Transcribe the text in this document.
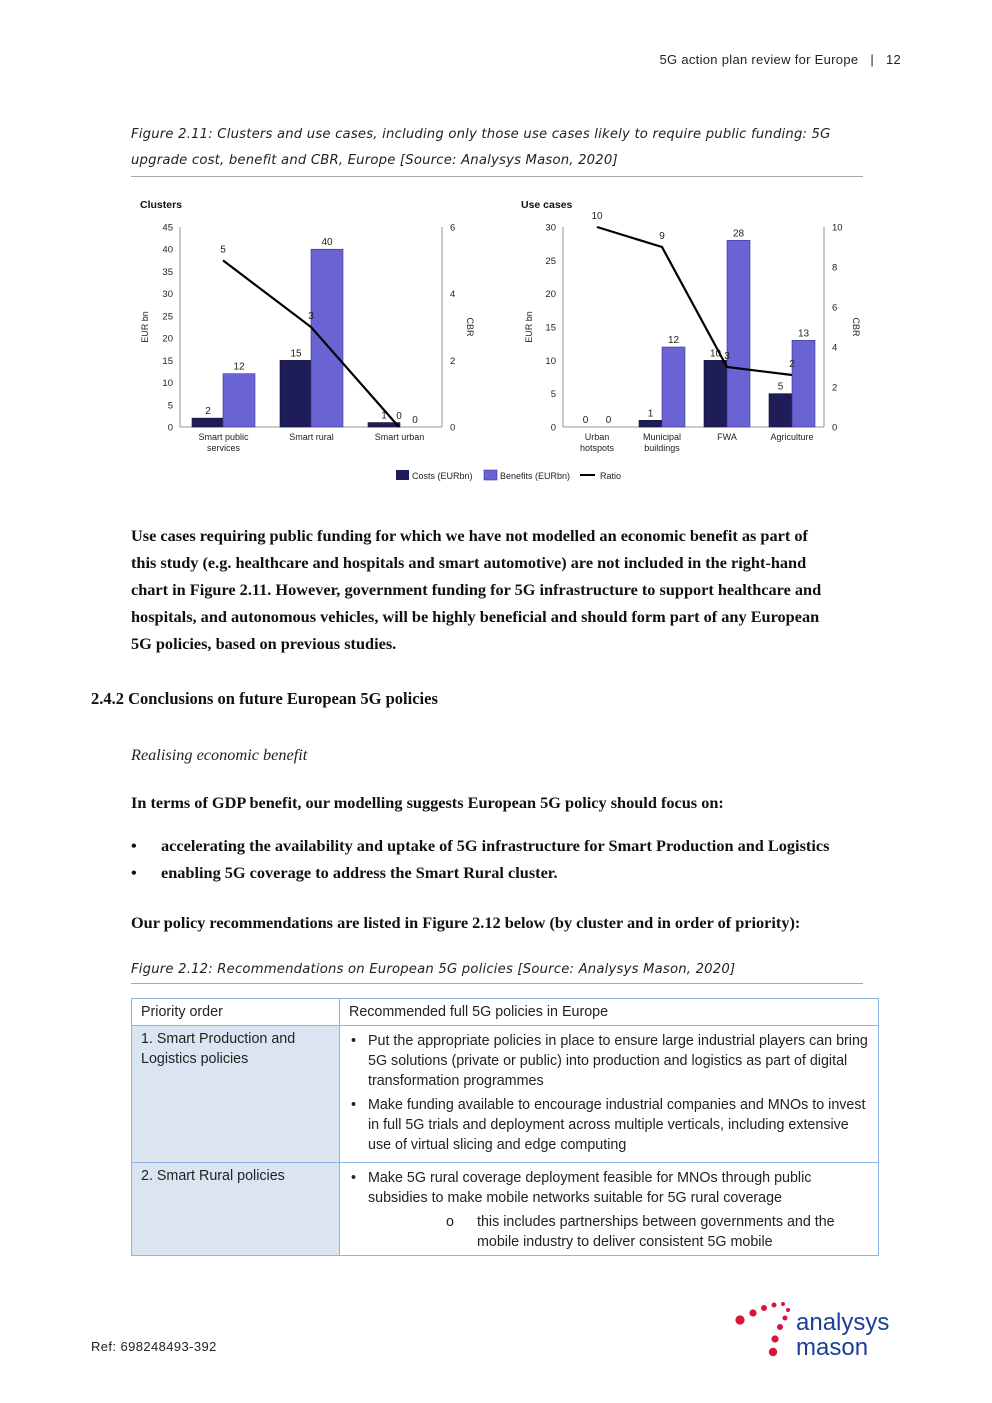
5G action plan review for Europe | 12
Figure 2.11: Clusters and use cases, including only those use cases likely to require public funding: 5G
upgrade cost, benefit and CBR, Europe [Source: Analysys Mason, 2020]
Clusters
EUR bn	CBR
0
5
10
15
20
25
30
35
40
45
0
2
4
6
2
12
15
40
1	0
Smart public
services
Smart rural	Smart urban
5
3
0
Use cases
EUR bn	CBR
0
5
10
15
20
25
30
0
2
4
6
8
10
0 0
1
12
10
28
5
13
Urban
hotspots
Municipal
buildings
FWA	Agriculture
10
9
3
2
Costs (EURbn)	Benefits (EURbn)	Ratio
Use cases requiring public funding for which we have not modelled an economic benefit as part of
this study (e.g. healthcare and hospitals and smart automotive) are not included in the right-hand
chart in Figure 2.11. However, government funding for 5G infrastructure to support healthcare and
hospitals, and autonomous vehicles, will be highly beneficial and should form part of any European
5G policies, based on previous studies.
2.4.2 Conclusions on future European 5G policies
Realising economic benefit
In terms of GDP benefit, our modelling suggests European 5G policy should focus on:
• accelerating the availability and uptake of 5G infrastructure for Smart Production and Logistics
• enabling 5G coverage to address the Smart Rural cluster.
Our policy recommendations are listed in Figure 2.12 below (by cluster and in order of priority):
Figure 2.12: Recommendations on European 5G policies [Source: Analysys Mason, 2020]
Priority order	Recommended full 5G policies in Europe
1. Smart Production and Logistics policies	• Put the appropriate policies in place to ensure large industrial players can bring 5G solutions (private or public) into production and logistics as part of digital transformation programmes
• Make funding available to encourage industrial companies and MNOs to invest in full 5G trials and deployment across multiple verticals, including extensive use of virtual slicing and edge computing

2. Smart Rural policies	• Make 5G rural coverage deployment feasible for MNOs through public subsidies to make mobile networks suitable for 5G rural coverage
o this includes partnerships between governments and the mobile industry to deliver consistent 5G mobile
Ref: 698248493-392
analysys
mason
